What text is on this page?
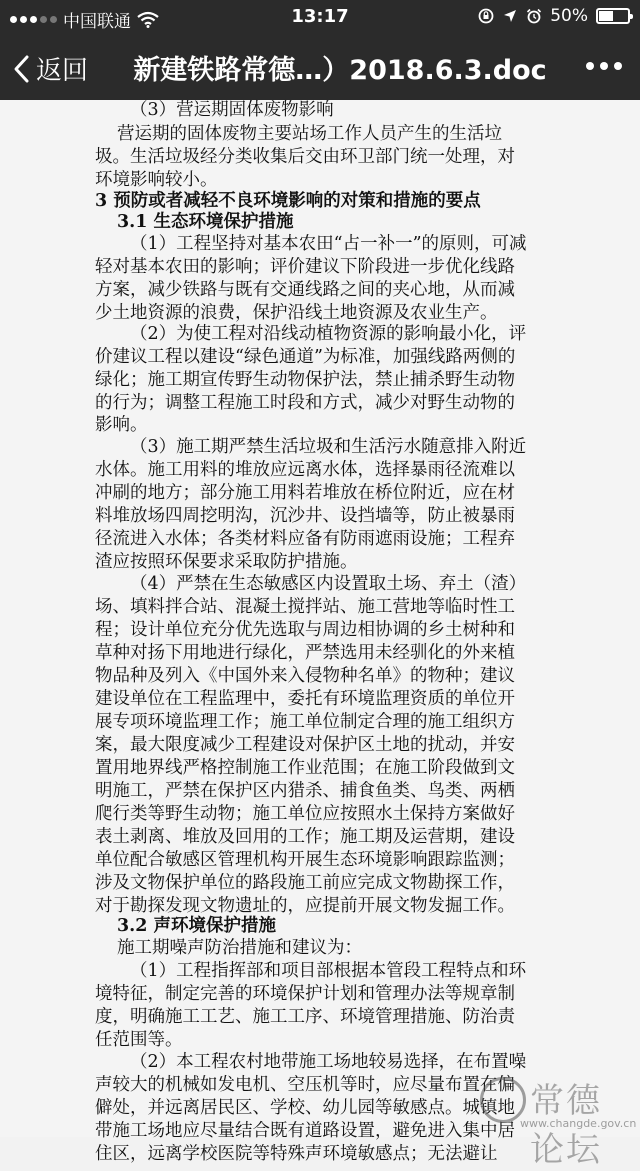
中国联通	13:17	50%
返回	新建铁路常德…）2018.6.3.doc

（3）营运期固体废物影响

营运期的固体废物主要站场工作人员产生的生活垃

圾。生活垃圾经分类收集后交由环卫部门统一处理，对

环境影响较小。

3 预防或者减轻不良环境影响的对策和措施的要点

3.1 生态环境保护措施

（1）工程坚持对基本农田“占一补一”的原则，可减

轻对基本农田的影响；评价建议下阶段进一步优化线路

方案，减少铁路与既有交通线路之间的夹心地，从而减

少土地资源的浪费，保护沿线土地资源及农业生产。

（2）为使工程对沿线动植物资源的影响最小化，评

价建议工程以建设“绿色通道”为标准，加强线路两侧的

绿化；施工期宣传野生动物保护法，禁止捕杀野生动物

的行为；调整工程施工时段和方式，减少对野生动物的

影响。

（3）施工期严禁生活垃圾和生活污水随意排入附近

水体。施工用料的堆放应远离水体，选择暴雨径流难以

冲刷的地方；部分施工用料若堆放在桥位附近，应在材

料堆放场四周挖明沟，沉沙井、设挡墙等，防止被暴雨

径流进入水体；各类材料应备有防雨遮雨设施；工程弃

渣应按照环保要求采取防护措施。

（4）严禁在生态敏感区内设置取土场、弃土（渣）

场、填料拌合站、混凝土搅拌站、施工营地等临时性工

程；设计单位充分优先选取与周边相协调的乡土树种和

草种对扬下用地进行绿化，严禁选用未经驯化的外来植

物品种及列入《中国外来入侵物种名单》的物种；建议

建设单位在工程监理中，委托有环境监理资质的单位开

展专项环境监理工作；施工单位制定合理的施工组织方

案，最大限度减少工程建设对保护区土地的扰动，并安

置用地界线严格控制施工作业范围；在施工阶段做到文

明施工，严禁在保护区内猎杀、捕食鱼类、鸟类、两栖

爬行类等野生动物；施工单位应按照水土保持方案做好

表土剥离、堆放及回用的工作；施工期及运营期，建设

单位配合敏感区管理机构开展生态环境影响跟踪监测；

涉及文物保护单位的路段施工前应完成文物勘探工作，

对于勘探发现文物遗址的，应提前开展文物发掘工作。

3.2 声环境保护措施

施工期噪声防治措施和建议为：

（1）工程指挥部和项目部根据本管段工程特点和环

境特征，制定完善的环境保护计划和管理办法等规章制

度，明确施工工艺、施工工序、环境管理措施、防治责

任范围等。

（2）本工程农村地带施工场地较易选择，在布置噪

声较大的机械如发电机、空压机等时，应尽量布置在偏

僻处，并远离居民区、学校、幼儿园等敏感点。城镇地

带施工场地应尽量结合既有道路设置，避免进入集中居

住区，远离学校医院等特殊声环境敏感点；无法避让

常德论坛
www.changde.gov.cn
